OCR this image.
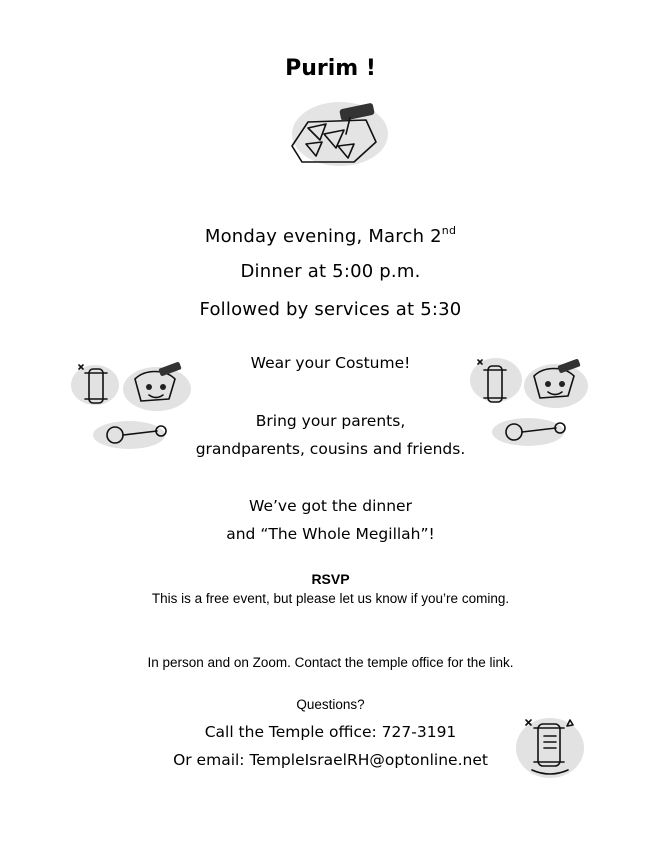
Purim !
Monday evening, March 2nd
Dinner at 5:00 p.m.
Followed by services at 5:30
Wear your Costume!
Bring your parents,
grandparents, cousins and friends.
We’ve got the dinner
and “The Whole Megillah”!
RSVP
This is a free event, but please let us know if you’re coming.
In person and on Zoom. Contact the temple office for the link.
Questions?
Call the Temple office: 727-3191
Or email: TempleIsraelRH@optonline.net
